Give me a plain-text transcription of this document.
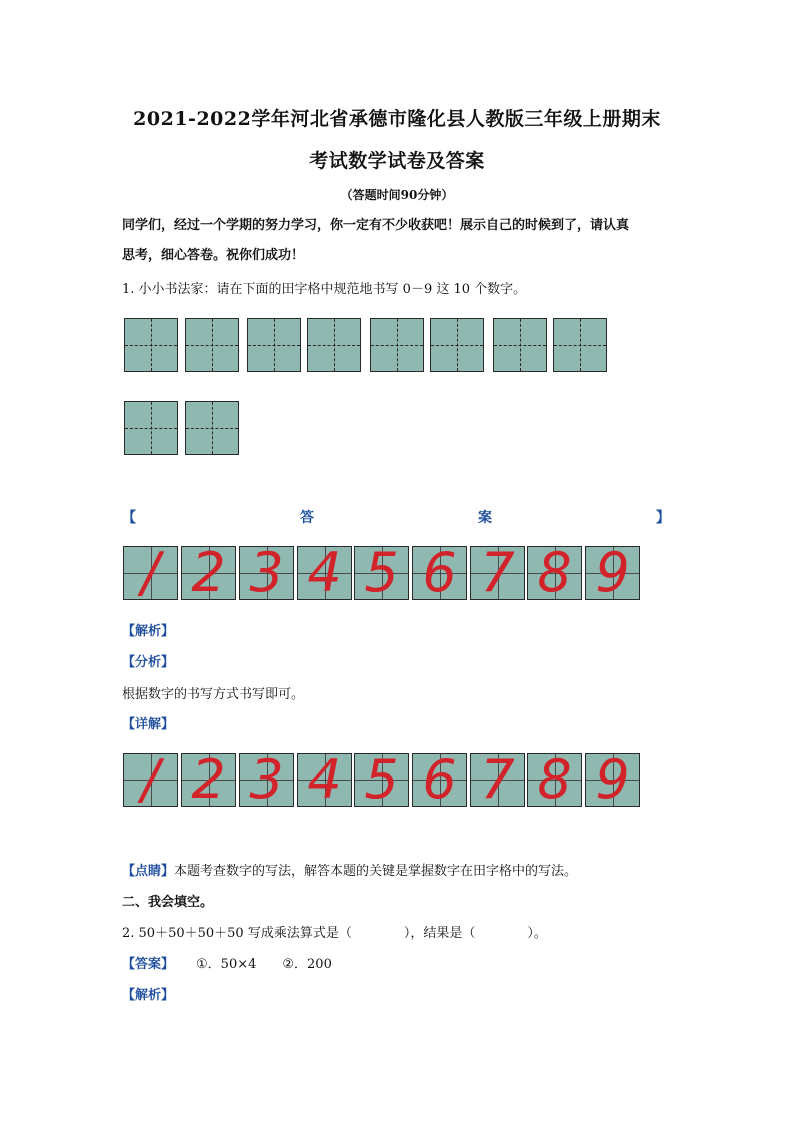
2021-2022学年河北省承德市隆化县人教版三年级上册期末
考试数学试卷及答案
（答题时间90分钟）
同学们，经过一个学期的努力学习，你一定有不少收获吧！展示自己的时候到了，请认真
思考，细心答卷。祝你们成功！
1. 小小书法家：请在下面的田字格中规范地书写 0－9 这 10 个数字。
【	答	案	】
/ 2 3 4 5 6 7 8 9
【解析】
【分析】
根据数字的书写方式书写即可。
【详解】
/ 2 3 4 5 6 7 8 9
【点睛】本题考查数字的写法，解答本题的关键是掌握数字在田字格中的写法。
二、我会填空。
2. 50＋50＋50＋50 写成乘法算式是（　　　　），结果是（　　　　）。
【答案】 ①．50×4　　②．200
【解析】
